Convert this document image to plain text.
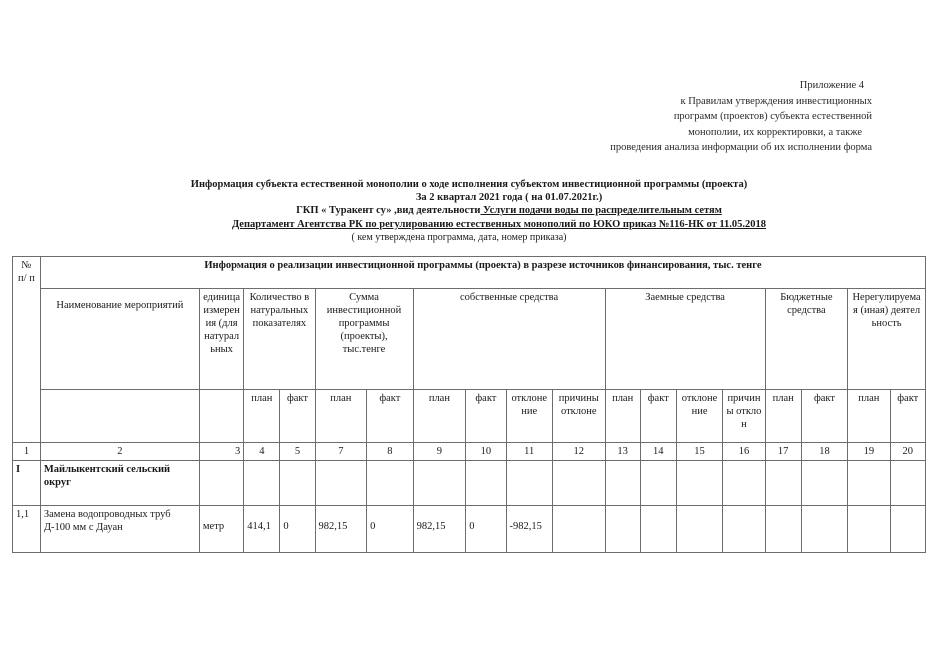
Приложение 4
к Правилам утверждения инвестиционных
программ (проектов) субъекта естественной
монополии, их корректировки, а также
проведения анализа информации об их исполнении форма
Информация субъекта естественной монополии о ходе исполнения субъектом инвестиционной программы (проекта)
За 2 квартал 2021 года ( на 01.07.2021г.)
ГКП « Туракент су» ,вид деятельности Услуги подачи воды по распределительным сетям
Департамент Агентства РК по регулированию естественных монополий по ЮКО приказ №116-НК от 11.05.2018
( кем утверждена программа, дата, номер приказа)
№ п/ п	Информация о реализации инвестиционной программы (проекта) в разрезе источников финансирования, тыс. тенге																	
	Наименование мероприятий	единица измерения (для натуральных	Количество в натуральных показателях		Сумма инвестиционной программы (проекты), тыс.тенге		собственные средства				Заемные средства				Бюджетные средства		Нерегулируемая (иная) деятельность	
			план	факт	план	факт	план	факт	отклонение	причины отклоне	план	факт	отклонение	причины отклон	план	факт	план	факт
1	2	3	4	5	7	8	9	10	11	12	13	14	15	16	17	18	19	20
I	Майлыкентский сельский округ																	
1,1	Замена водопроводных труб Д-100 мм с Дауан	метр	414,1	0	982,15	0	982,15	0	-982,15									
